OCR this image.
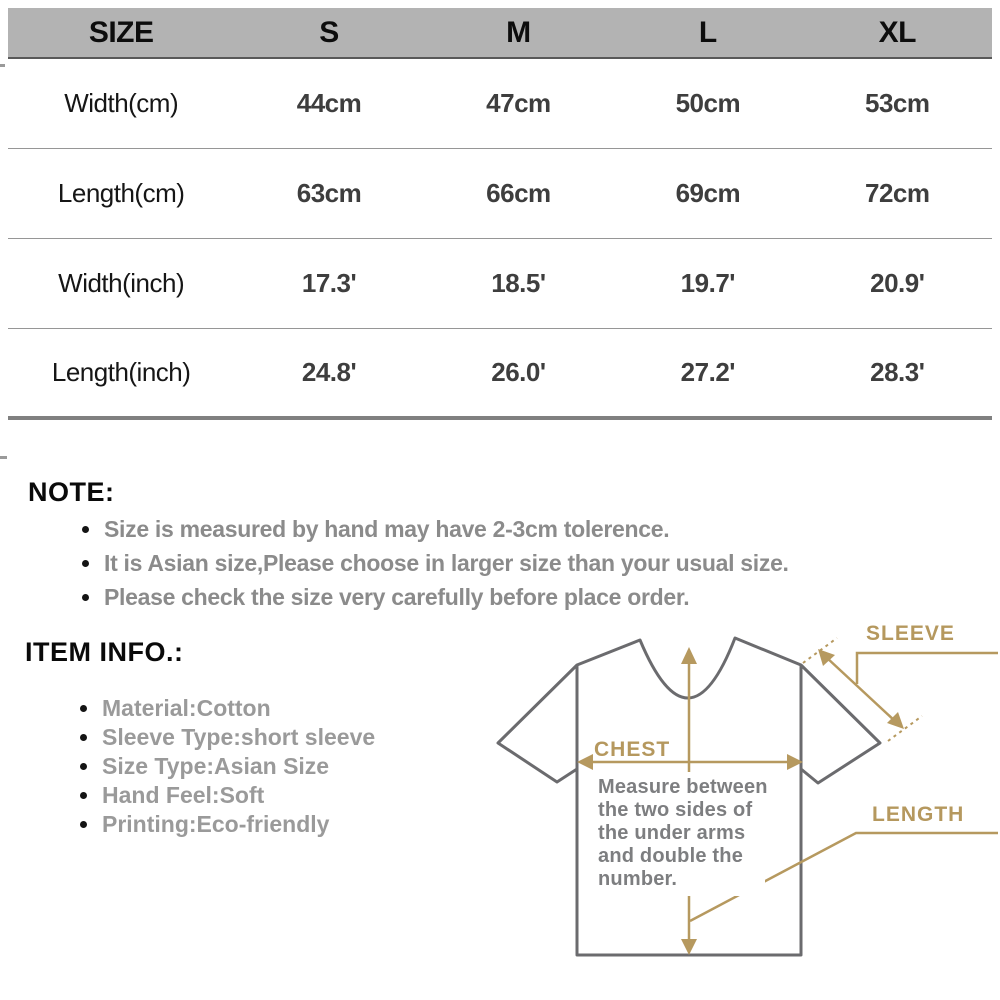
SIZE	S	M	L	XL
Width(cm)	44cm	47cm	50cm	53cm
Length(cm)	63cm	66cm	69cm	72cm
Width(inch)	17.3'	18.5'	19.7'	20.9'
Length(inch)	24.8'	26.0'	27.2'	28.3'
NOTE:
Size is measured by hand may have 2-3cm tolerence.
It is Asian size,Please choose in larger size than your usual size.
Please check the size very carefully before place order.
ITEM INFO.:
Material:Cotton
Sleeve Type:short sleeve
Size Type:Asian Size
Hand Feel:Soft
Printing:Eco-friendly
Measure between
the two sides of
the under arms
and double the
number.
CHEST
SLEEVE
LENGTH
